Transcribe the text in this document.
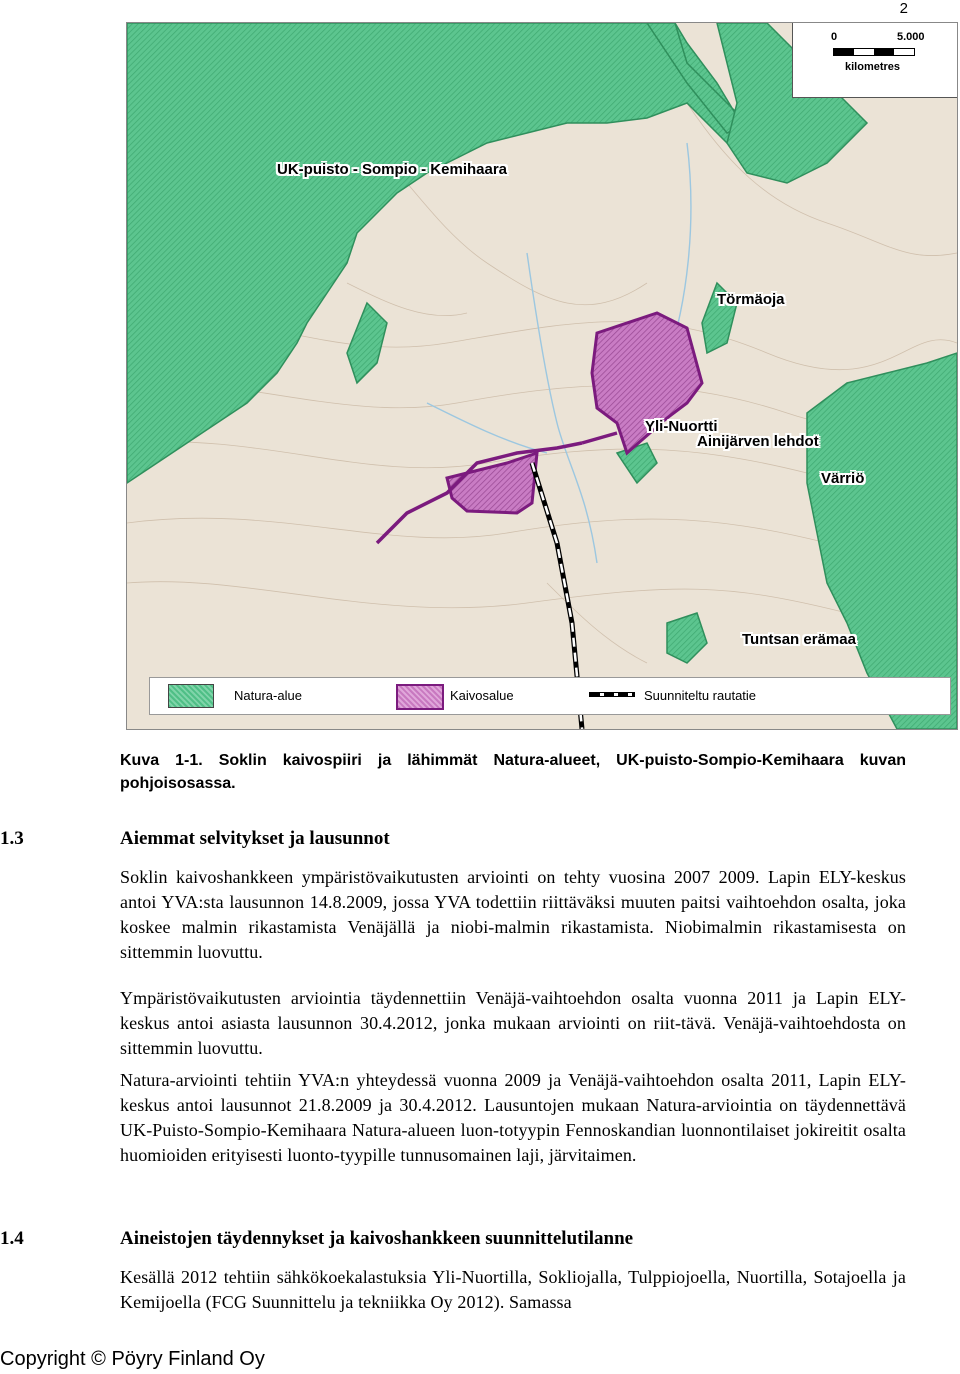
2
UK-puisto - Sompio - Kemihaara
Törmäoja
Yli-Nuortti
Ainijärven lehdot
Värriö
Tuntsan erämaa
0	5.000
kilometres
Natura-alue	Kaivosalue	Suunniteltu rautatie
Kuva 1-1. Soklin kaivospiiri ja lähimmät Natura-alueet, UK-puisto-Sompio-Kemihaara kuvan pohjoisosassa.
1.3	Aiemmat selvitykset ja lausunnot
Soklin kaivoshankkeen ympäristövaikutusten arviointi on tehty vuosina 2007 2009. Lapin ELY-keskus antoi YVA:sta lausunnon 14.8.2009, jossa YVA todettiin riittäväksi muuten paitsi vaihtoehdon osalta, joka koskee malmin rikastamista Venäjällä ja niobi-malmin rikastamista. Niobimalmin rikastamisesta on sittemmin luovuttu.
Ympäristövaikutusten arviointia täydennettiin Venäjä-vaihtoehdon osalta vuonna 2011 ja Lapin ELY-keskus antoi asiasta lausunnon 30.4.2012, jonka mukaan arviointi on riit-tävä. Venäjä-vaihtoehdosta on sittemmin luovuttu.
Natura-arviointi tehtiin YVA:n yhteydessä vuonna 2009 ja Venäjä-vaihtoehdon osalta 2011, Lapin ELY-keskus antoi lausunnot 21.8.2009 ja 30.4.2012. Lausuntojen mukaan Natura-arviointia on täydennettävä UK-Puisto-Sompio-Kemihaara Natura-alueen luon-totyypin Fennoskandian luonnontilaiset jokireitit osalta huomioiden erityisesti luonto-tyypille tunnusomainen laji, järvitaimen.
1.4	Aineistojen täydennykset ja kaivoshankkeen suunnittelutilanne
Kesällä 2012 tehtiin sähkökoekalastuksia Yli-Nuortilla, Sokliojalla, Tulppiojoella, Nuortilla, Sotajoella ja Kemijoella (FCG Suunnittelu ja tekniikka Oy 2012). Samassa
Copyright © Pöyry Finland Oy
